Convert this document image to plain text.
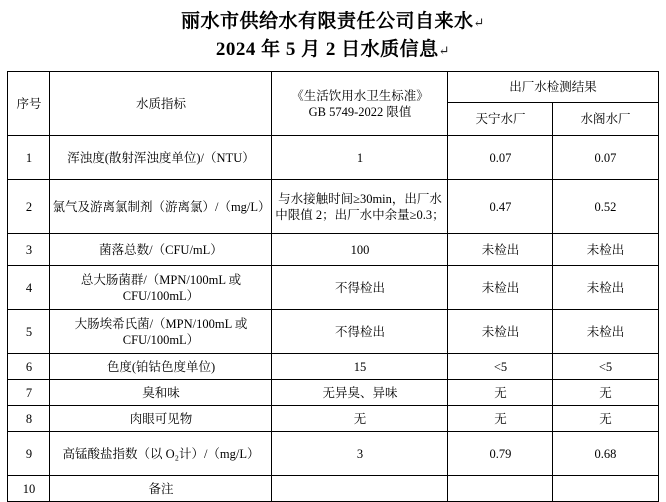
丽水市供给水有限责任公司自来水↵
2024 年 5 月 2 日水质信息↵
序号	水质指标	《生活饮用水卫生标准》
GB 5749-2022 限值	出厂水检测结果	
			天宁水厂	水阁水厂
1	浑浊度(散射浑浊度单位)/（NTU）	1	0.07	0.07
2	氯气及游离氯制剂（游离氯）/（mg/L）	与水接触时间≥30min，出厂水中限值 2；出厂水中余量≥0.3；	0.47	0.52
3	菌落总数/（CFU/mL）	100	未检出	未检出
4	总大肠菌群/（MPN/100mL 或 CFU/100mL）	不得检出	未检出	未检出
5	大肠埃希氏菌/（MPN/100mL 或 CFU/100mL）	不得检出	未检出	未检出
6	色度(铂钴色度单位)	15	<5	<5
7	臭和味	无异臭、异味	无	无
8	肉眼可见物	无	无	无
9	高锰酸盐指数（以 O₂计）/（mg/L）	3	0.79	0.68
10	备注			
